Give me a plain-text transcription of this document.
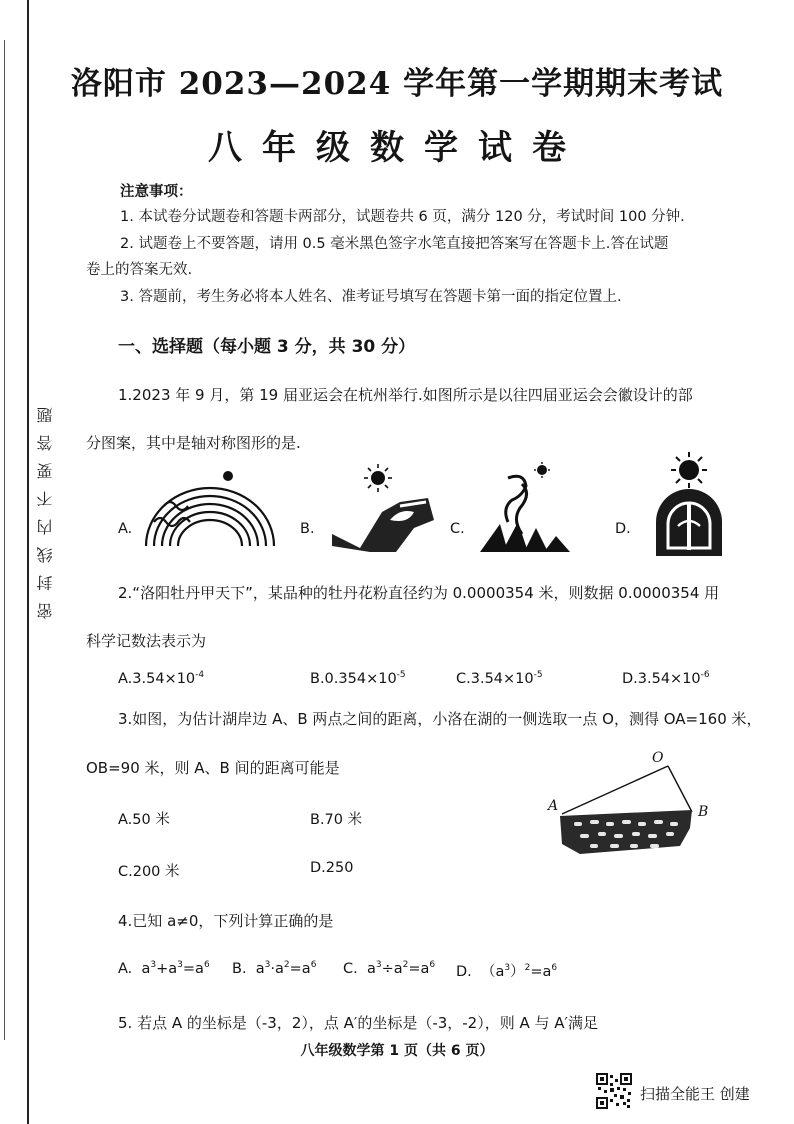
密封线内不要答题
洛阳市 2023—2024 学年第一学期期末考试
八年级数学试卷
注意事项：
1. 本试卷分试题卷和答题卡两部分，试题卷共 6 页，满分 120 分，考试时间 100 分钟.
2. 试题卷上不要答题，请用 0.5 毫米黑色签字水笔直接把答案写在答题卡上.答在试题
卷上的答案无效.
3. 答题前，考生务必将本人姓名、准考证号填写在答题卡第一面的指定位置上.
一、选择题（每小题 3 分，共 30 分）
1.2023 年 9 月，第 19 届亚运会在杭州举行.如图所示是以往四届亚运会会徽设计的部
分图案，其中是轴对称图形的是.
A.	B.	C.	D.
2.“洛阳牡丹甲天下”，某品种的牡丹花粉直径约为 0.0000354 米，则数据 0.0000354 用
科学记数法表示为
$A.3.54\times 10^{-4}$	$B.0.354\times 10^{-5}$	$C.3.54\times 10^{-5}$	$D.3.54\times 10^{-6}$
3.如图，为估计湖岸边 A、B 两点之间的距离，小洛在湖的一侧选取一点 O，测得 OA=160 米，
OB=90 米，则 A、B 间的距离可能是
A.50 米	B.70 米
C.200 米	D.250
O
A	B
4.已知 a≠0，下列计算正确的是
A. $a^3+a^3=a^6$ B. $a^3\cdot a^2=a^6$ C. $a^3\div a^2=a^6$ D. $(a^3)^2=a^6$
5. 若点 A 的坐标是（-3，2），点 A′的坐标是（-3，-2），则 A 与 A′满足
八年级数学第 1 页（共 6 页）
扫描全能王 创建
